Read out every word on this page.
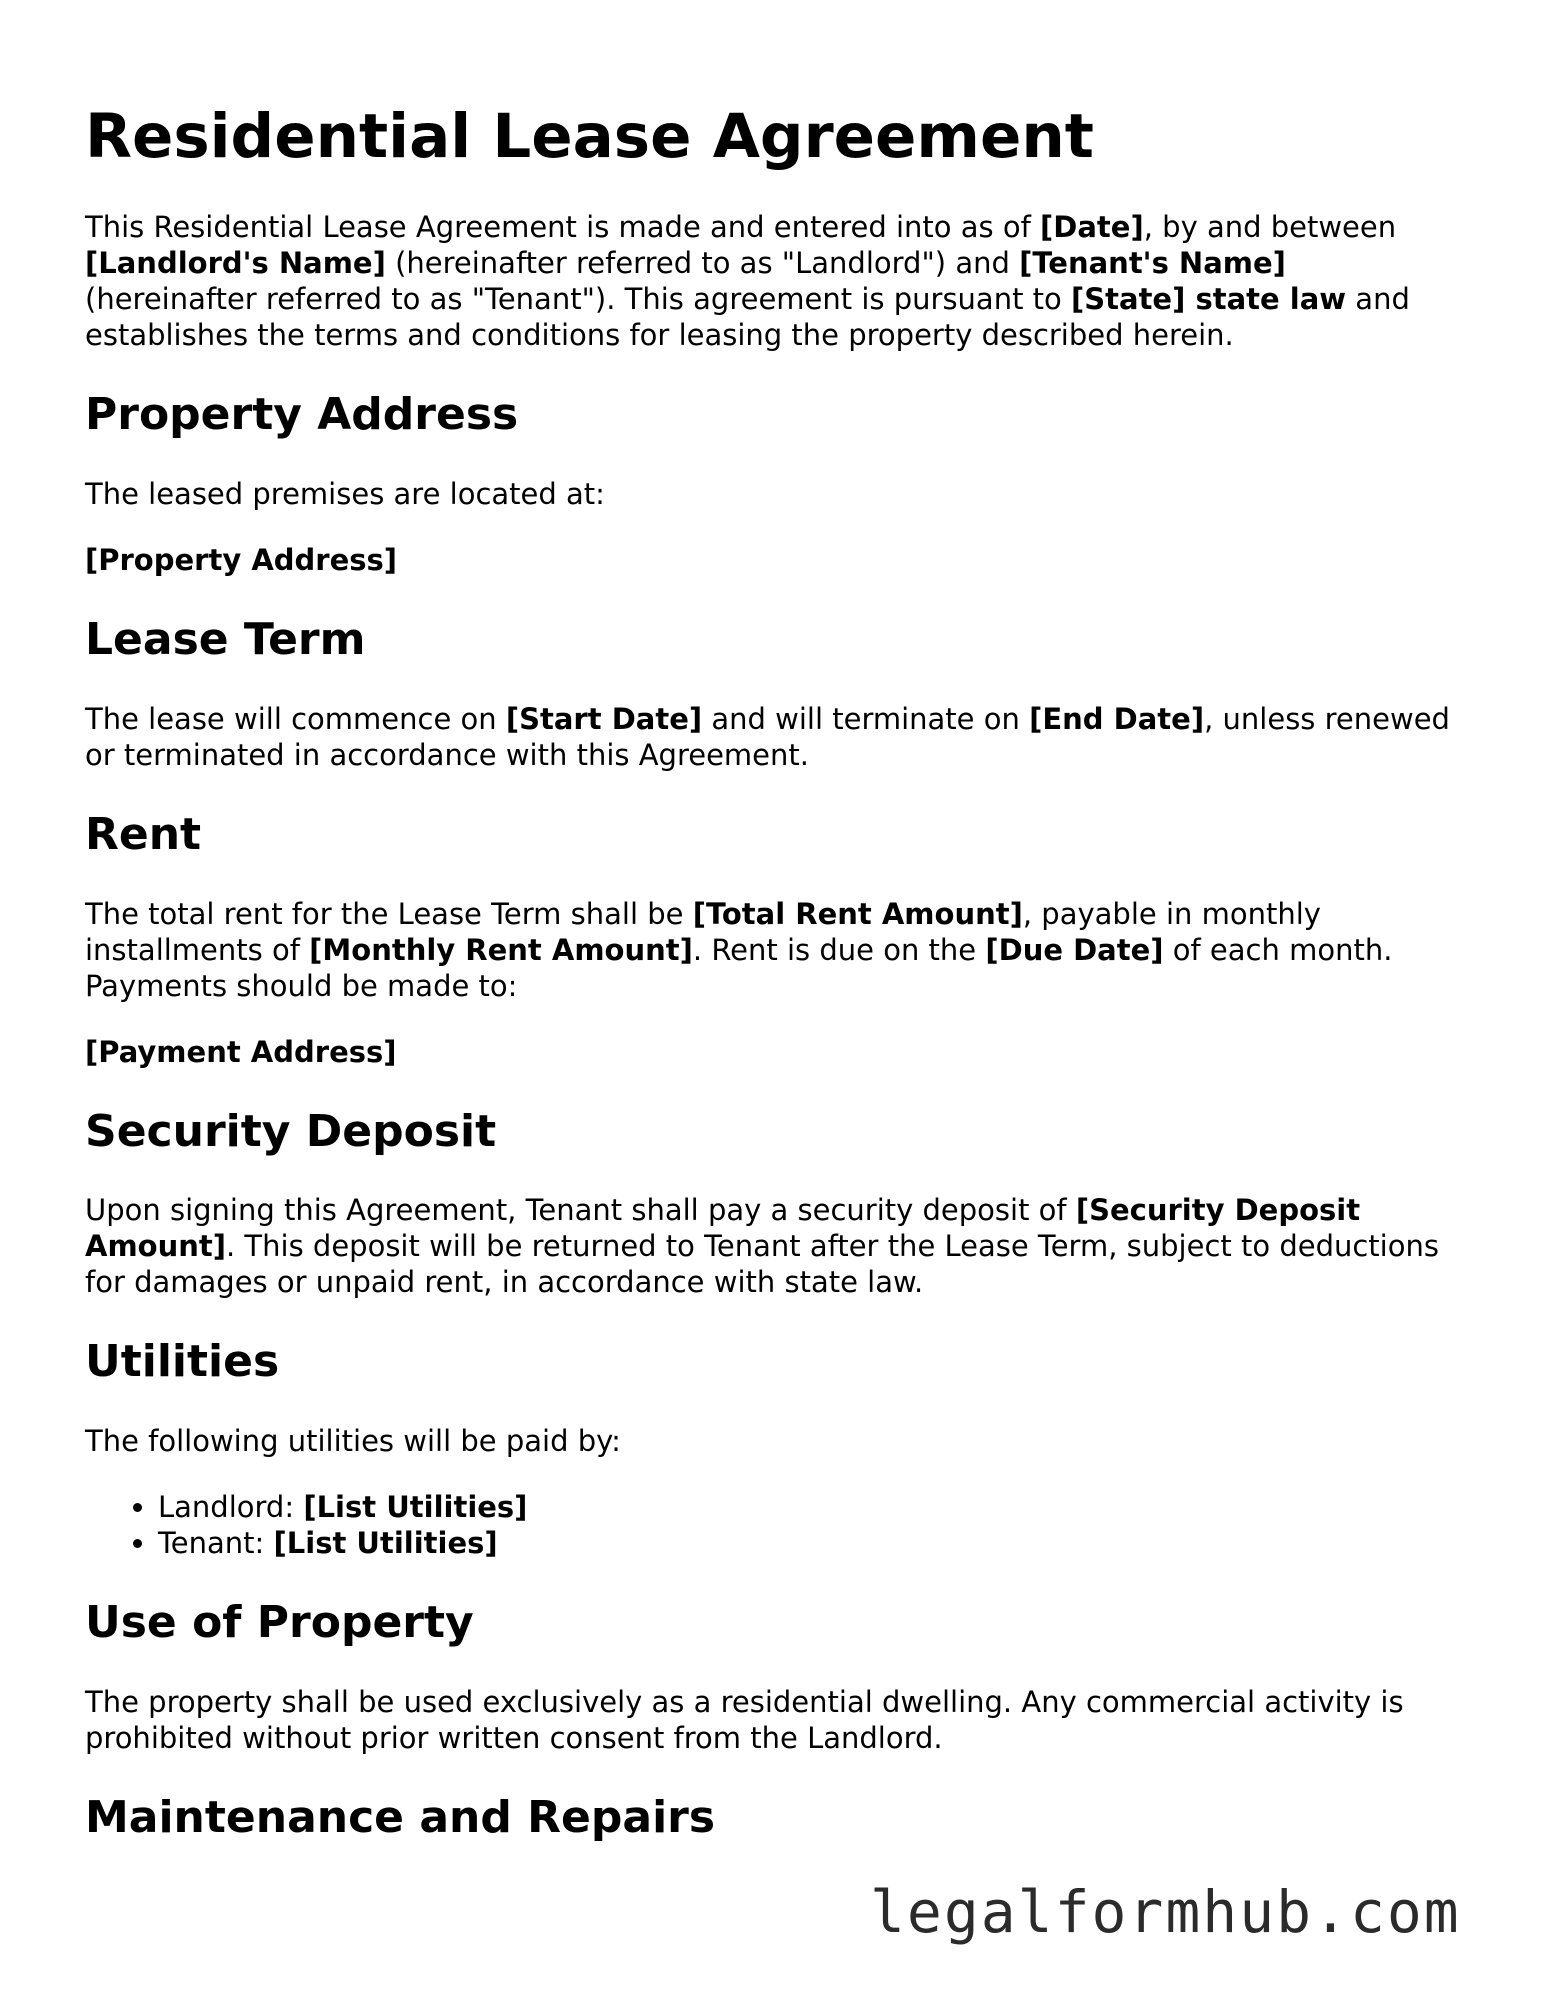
Residential Lease Agreement

This Residential Lease Agreement is made and entered into as of [Date], by and between [Landlord's Name] (hereinafter referred to as "Landlord") and [Tenant's Name] (hereinafter referred to as "Tenant"). This agreement is pursuant to [State] state law and establishes the terms and conditions for leasing the property described herein.

Property Address

The leased premises are located at:

[Property Address]

Lease Term

The lease will commence on [Start Date] and will terminate on [End Date], unless renewed or terminated in accordance with this Agreement.

Rent

The total rent for the Lease Term shall be [Total Rent Amount], payable in monthly installments of [Monthly Rent Amount]. Rent is due on the [Due Date] of each month. Payments should be made to:

[Payment Address]

Security Deposit

Upon signing this Agreement, Tenant shall pay a security deposit of [Security Deposit Amount]. This deposit will be returned to Tenant after the Lease Term, subject to deductions for damages or unpaid rent, in accordance with state law.

Utilities

The following utilities will be paid by:

• Landlord: [List Utilities]
• Tenant: [List Utilities]
Use of Property

The property shall be used exclusively as a residential dwelling. Any commercial activity is prohibited without prior written consent from the Landlord.

Maintenance and Repairs
legalformhub.com
